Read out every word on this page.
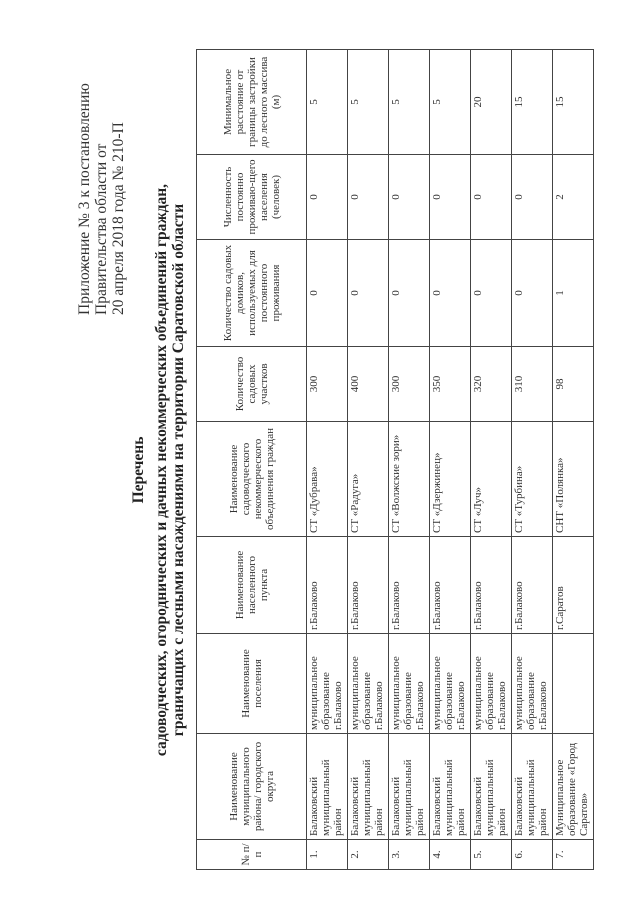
Приложение № 3 к постановлению Правительства области от 20 апреля 2018 года № 210-П
Перечень садоводческих, огороднических и дачных некоммерческих объединений граждан, граничащих с лесными насаждениями на территории Саратовской области
№ п/п	Наименование муниципального района/ городского округа	Наименование поселения	Наименование населенного пункта	Наименование садоводческого некоммерческого объединения граждан	Количество садовых участков	Количество садовых домиков, используемых для постоянного проживания	Численность постоянно проживаю-щего населения (человек)	Минимальное расстояние от границы застройки до лесного массива (м)
1.	Балаковский муниципальный район	муниципальное образование г.Балаково	г.Балаково	СТ «Дубрава»	300	0	0	5
2.	Балаковский муниципальный район	муниципальное образование г.Балаково	г.Балаково	СТ «Радуга»	400	0	0	5
3.	Балаковский муниципальный район	муниципальное образование г.Балаково	г.Балаково	СТ «Волжские зори»	300	0	0	5
4.	Балаковский муниципальный район	муниципальное образование г.Балаково	г.Балаково	СТ «Дзержинец»	350	0	0	5
5.	Балаковский муниципальный район	муниципальное образование г.Балаково	г.Балаково	СТ «Луч»	320	0	0	20
6.	Балаковский муниципальный район	муниципальное образование г.Балаково	г.Балаково	СТ «Турбина»	310	0	0	15
7.	Муниципальное образование «Город Саратов»		г.Саратов	СНТ «Полянка»	98	1	2	15
